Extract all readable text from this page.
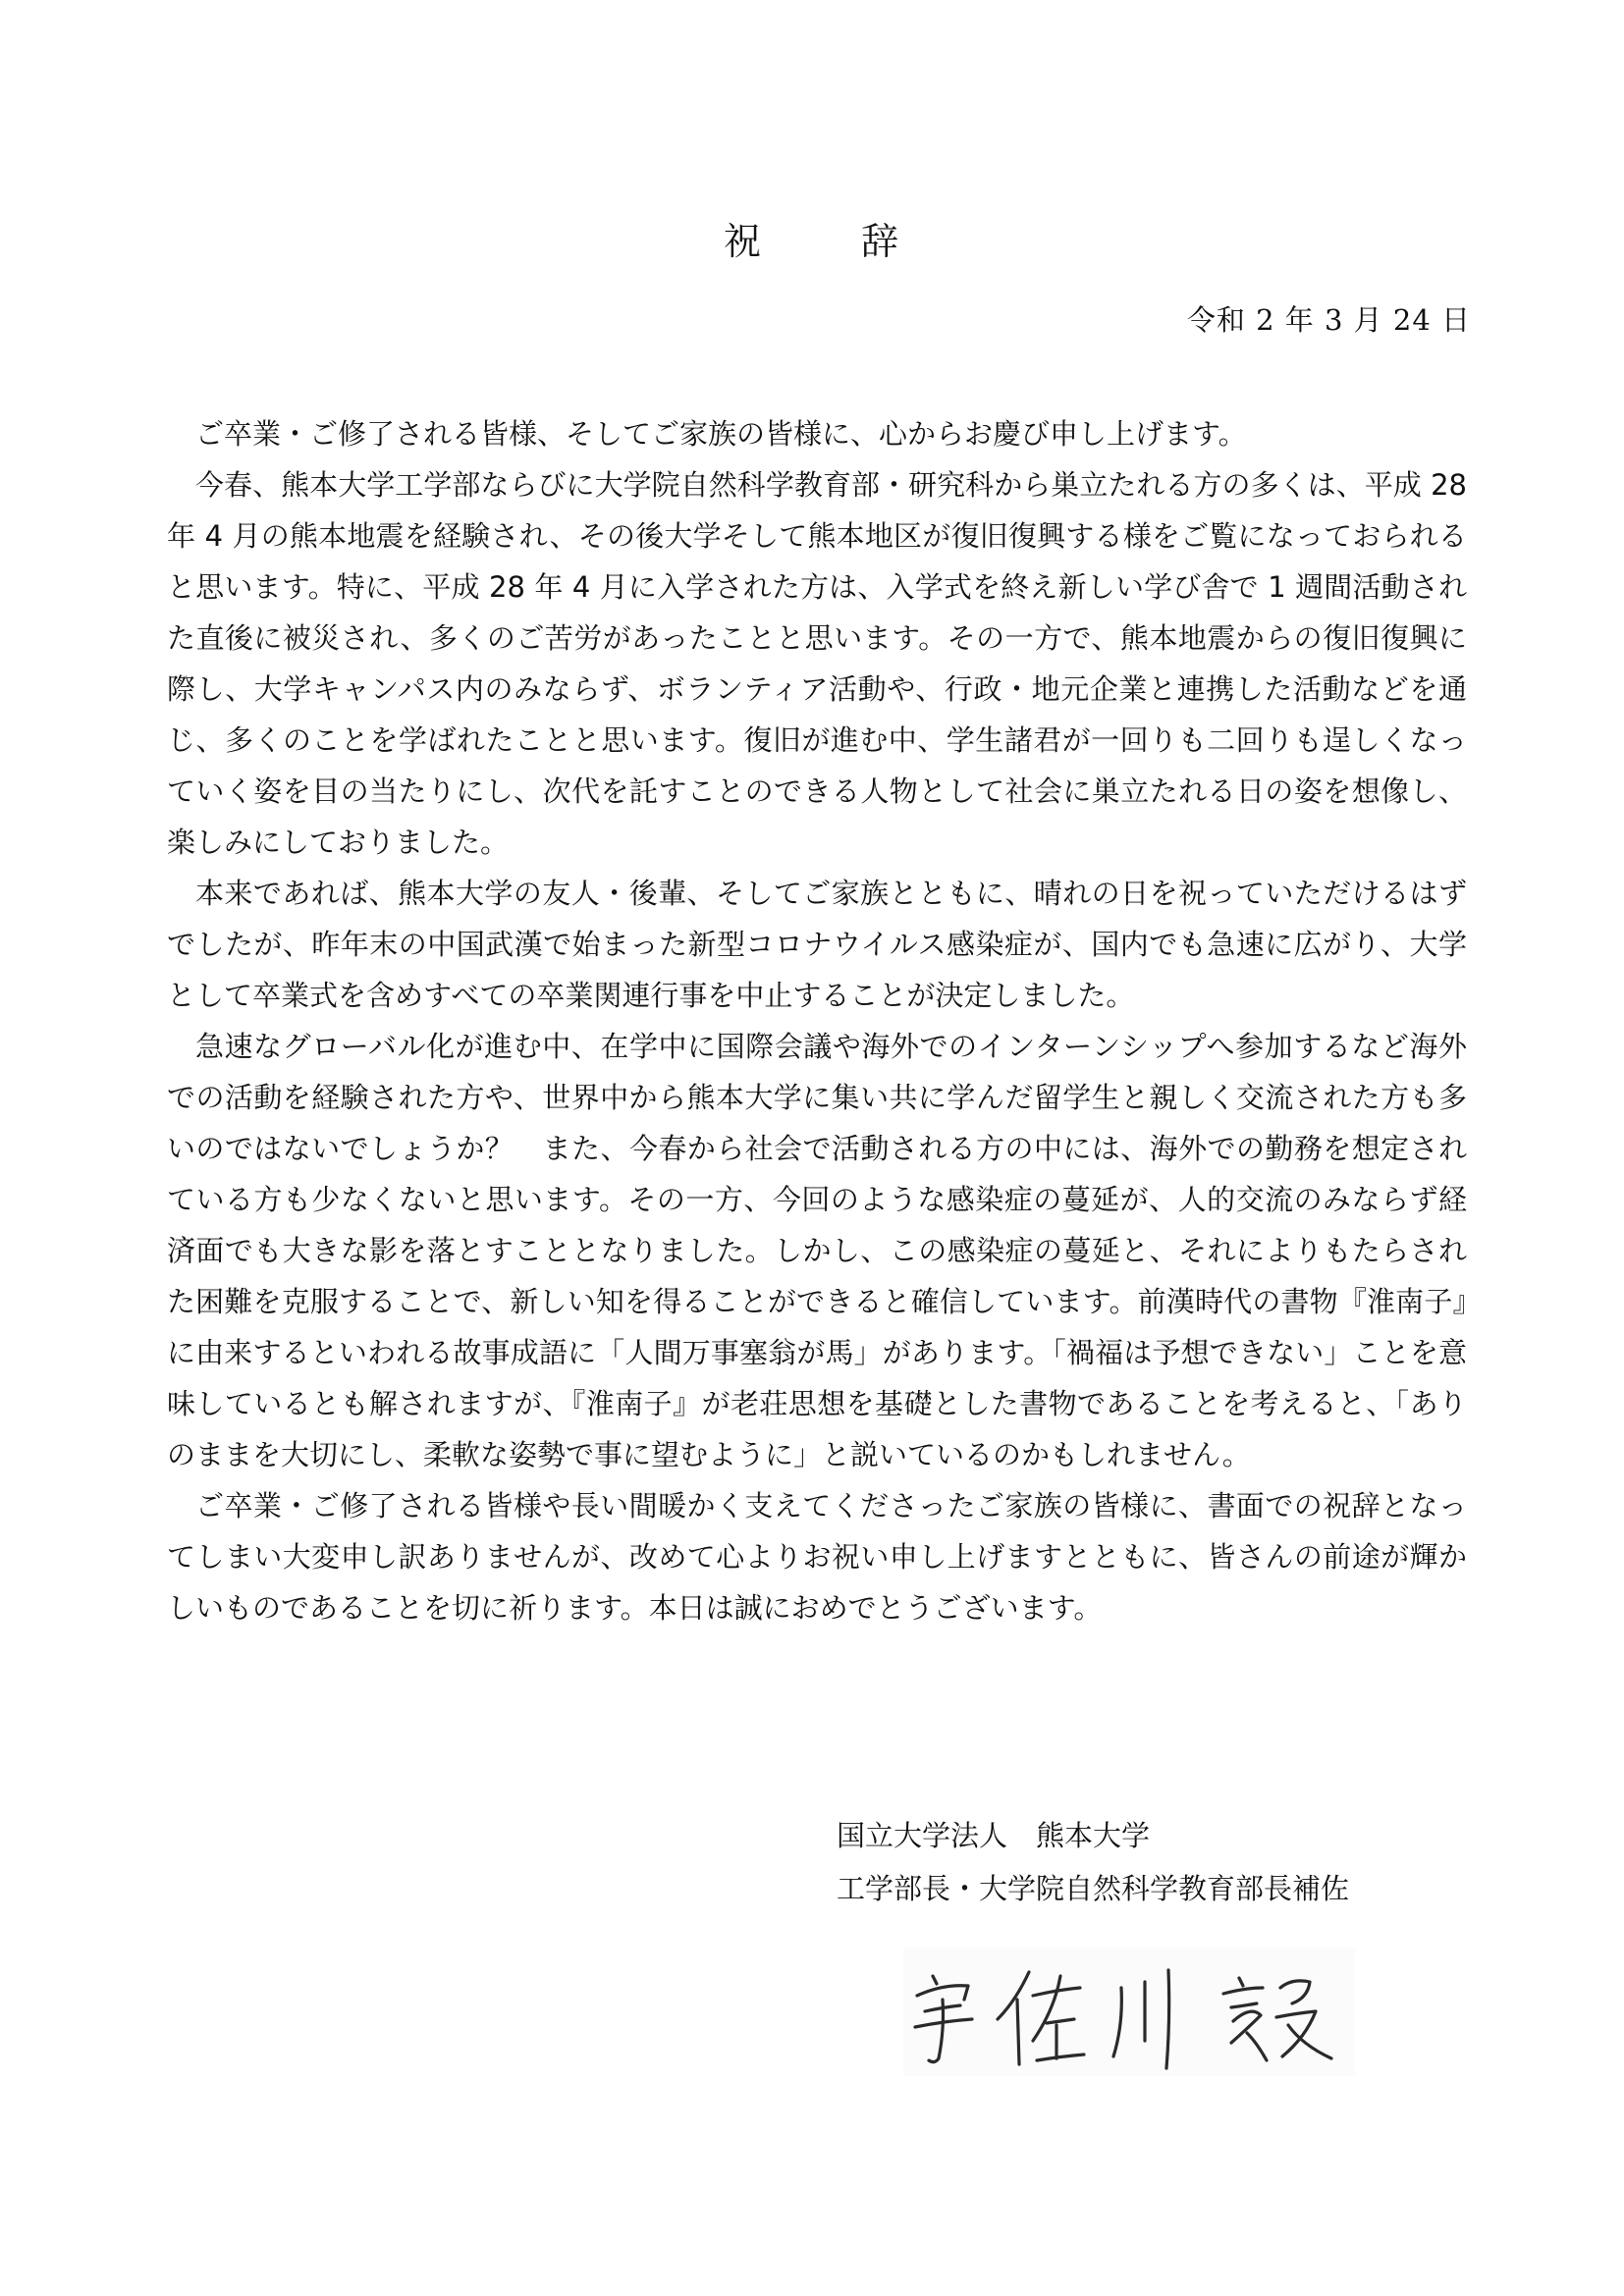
祝	辞
令和 2 年 3 月 24 日

ご卒業・ご修了される皆様、そしてご家族の皆様に、心からお慶び申し上げます。

今春、熊本大学工学部ならびに大学院自然科学教育部・研究科から巣立たれる方の多くは、平成 28 年 4 月の熊本地震を経験され、その後大学そして熊本地区が復旧復興する様をご覧になっておられると思います。特に、平成 28 年 4 月に入学された方は、入学式を終え新しい学び舎で 1 週間活動された直後に被災され、多くのご苦労があったことと思います。その一方で、熊本地震からの復旧復興に際し、大学キャンパス内のみならず、ボランティア活動や、行政・地元企業と連携した活動などを通じ、多くのことを学ばれたことと思います。復旧が進む中、学生諸君が一回りも二回りも逞しくなっていく姿を目の当たりにし、次代を託すことのできる人物として社会に巣立たれる日の姿を想像し、楽しみにしておりました。

本来であれば、熊本大学の友人・後輩、そしてご家族とともに、晴れの日を祝っていただけるはずでしたが、昨年末の中国武漢で始まった新型コロナウイルス感染症が、国内でも急速に広がり、大学として卒業式を含めすべての卒業関連行事を中止することが決定しました。

急速なグローバル化が進む中、在学中に国際会議や海外でのインターンシップへ参加するなど海外での活動を経験された方や、世界中から熊本大学に集い共に学んだ留学生と親しく交流された方も多いのではないでしょうか？　また、今春から社会で活動される方の中には、海外での勤務を想定されている方も少なくないと思います。その一方、今回のような感染症の蔓延が、人的交流のみならず経済面でも大きな影を落とすこととなりました。しかし、この感染症の蔓延と、それによりもたらされた困難を克服することで、新しい知を得ることができると確信しています。前漢時代の書物『淮南子』に由来するといわれる故事成語に「人間万事塞翁が馬」があります。「禍福は予想できない」ことを意味しているとも解されますが、『淮南子』が老荘思想を基礎とした書物であることを考えると、「ありのままを大切にし、柔軟な姿勢で事に望むように」と説いているのかもしれません。

ご卒業・ご修了される皆様や長い間暖かく支えてくださったご家族の皆様に、書面での祝辞となってしまい大変申し訳ありませんが、改めて心よりお祝い申し上げますとともに、皆さんの前途が輝かしいものであることを切に祈ります。本日は誠におめでとうございます。

国立大学法人　熊本大学
工学部長・大学院自然科学教育部長補佐
